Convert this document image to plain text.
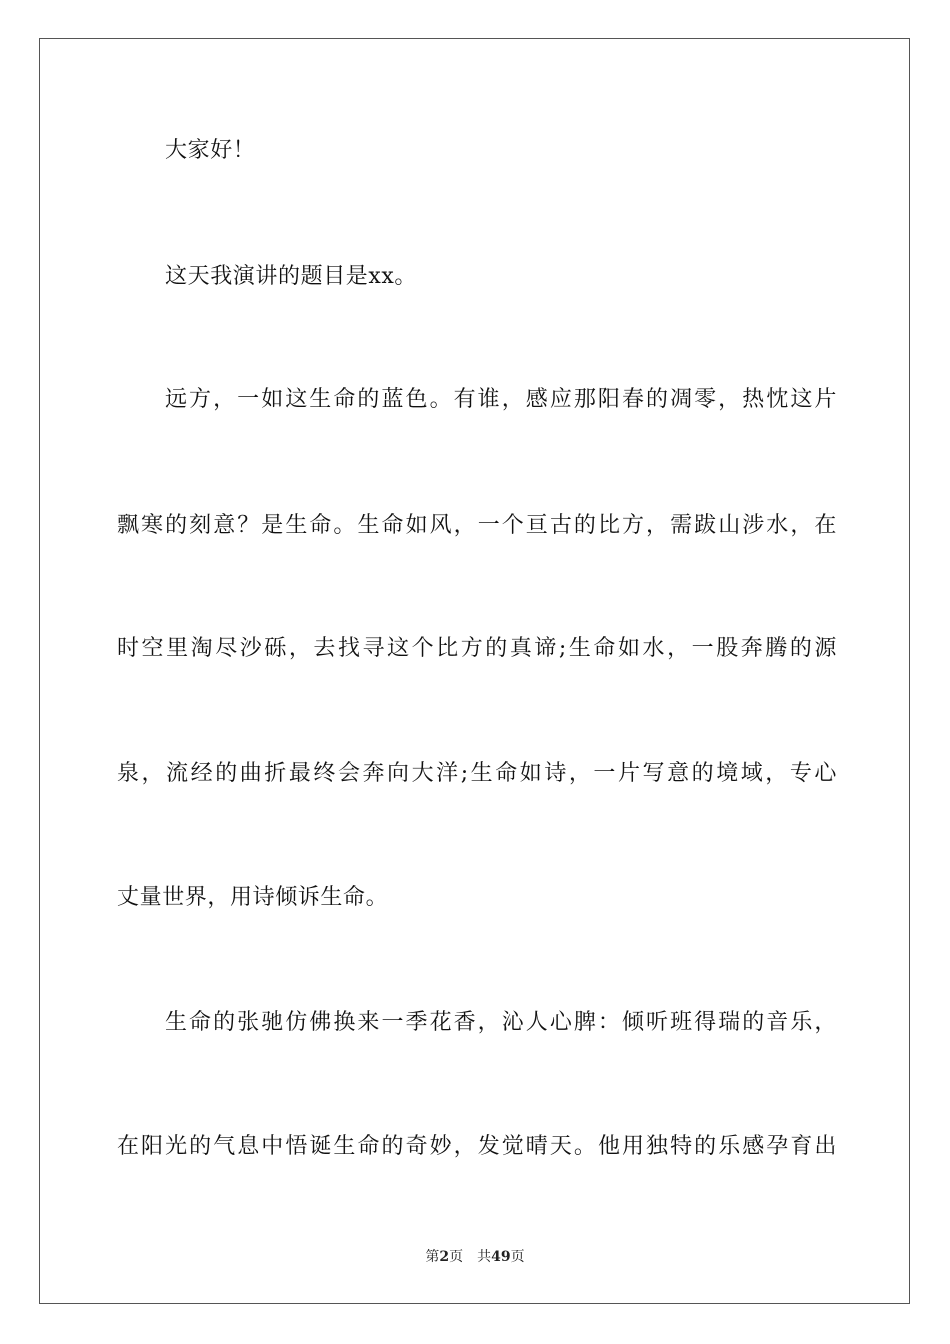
大家好！
这天我演讲的题目是xx。
远方，一如这生命的蓝色。有谁，感应那阳春的凋零，热忱这片
飘寒的刻意？是生命。生命如风，一个亘古的比方，需跋山涉水，在
时空里淘尽沙砾，去找寻这个比方的真谛;生命如水，一股奔腾的源
泉，流经的曲折最终会奔向大洋;生命如诗，一片写意的境域，专心
丈量世界，用诗倾诉生命。
生命的张驰仿佛换来一季花香，沁人心脾：倾听班得瑞的音乐，
在阳光的气息中悟诞生命的奇妙，发觉晴天。他用独特的乐感孕育出
第2页 共49页
